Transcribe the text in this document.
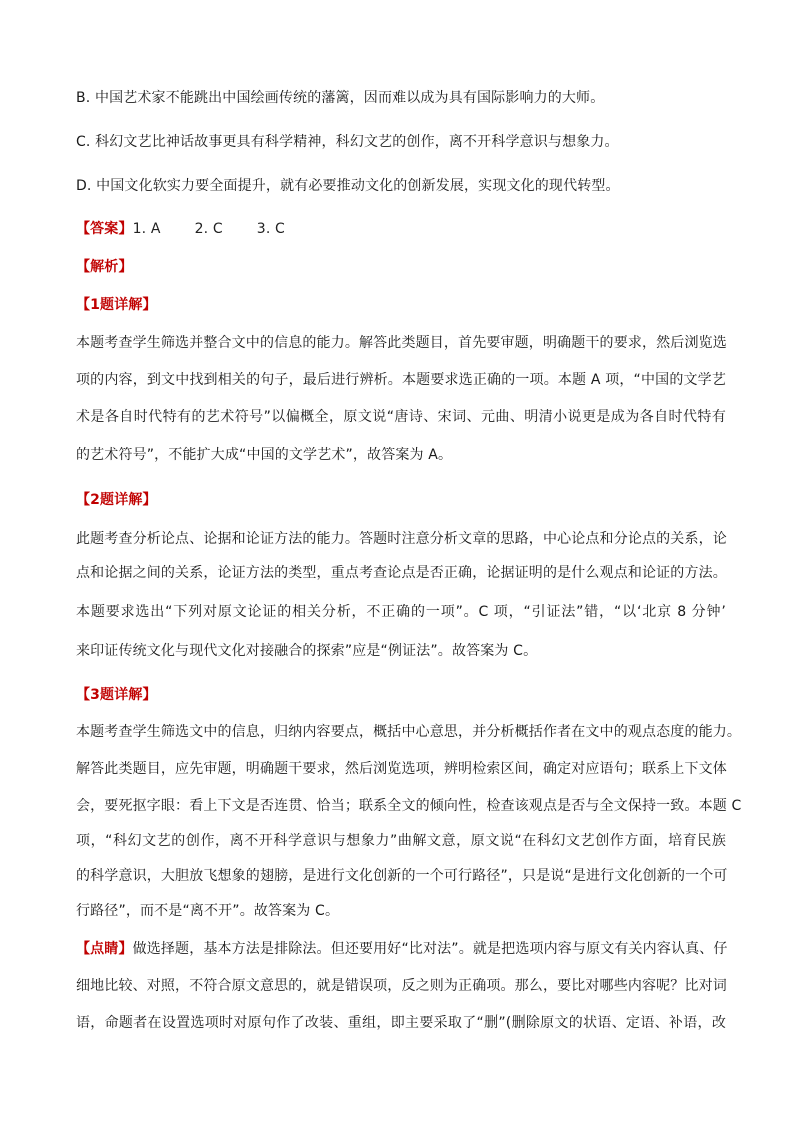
B. 中国艺术家不能跳出中国绘画传统的藩篱，因而难以成为具有国际影响力的大师。
C. 科幻文艺比神话故事更具有科学精神，科幻文艺的创作，离不开科学意识与想象力。
D. 中国文化软实力要全面提升，就有必要推动文化的创新发展，实现文化的现代转型。
【答案】1. A 2. C 3. C
【解析】
【1题详解】
本题考查学生筛选并整合文中的信息的能力。解答此类题目，首先要审题，明确题干的要求，然后浏览选
项的内容，到文中找到相关的句子，最后进行辨析。本题要求选正确的一项。本题 A 项，“中国的文学艺
术是各自时代特有的艺术符号”以偏概全，原文说“唐诗、宋词、元曲、明清小说更是成为各自时代特有
的艺术符号”，不能扩大成“中国的文学艺术”，故答案为 A。
【2题详解】
此题考查分析论点、论据和论证方法的能力。答题时注意分析文章的思路，中心论点和分论点的关系，论
点和论据之间的关系，论证方法的类型，重点考查论点是否正确，论据证明的是什么观点和论证的方法。
本题要求选出“下列对原文论证的相关分析，不正确的一项”。C 项，“引证法”错，“以‘北京 8 分钟’
来印证传统文化与现代文化对接融合的探索”应是“例证法”。故答案为 C。
【3题详解】
本题考查学生筛选文中的信息，归纳内容要点，概括中心意思，并分析概括作者在文中的观点态度的能力。
解答此类题目，应先审题，明确题干要求，然后浏览选项，辨明检索区间，确定对应语句；联系上下文体
会，要死抠字眼：看上下文是否连贯、恰当；联系全文的倾向性，检查该观点是否与全文保持一致。本题 C
项，“科幻文艺的创作，离不开科学意识与想象力”曲解文意，原文说“在科幻文艺创作方面，培育民族
的科学意识，大胆放飞想象的翅膀，是进行文化创新的一个可行路径”，只是说“是进行文化创新的一个可
行路径”，而不是“离不开”。故答案为 C。
【点睛】做选择题，基本方法是排除法。但还要用好“比对法”。就是把选项内容与原文有关内容认真、仔
细地比较、对照，不符合原文意思的，就是错误项，反之则为正确项。那么，要比对哪些内容呢？比对词
语，命题者在设置选项时对原句作了改装、重组，即主要采取了“删”(删除原文的状语、定语、补语，改
